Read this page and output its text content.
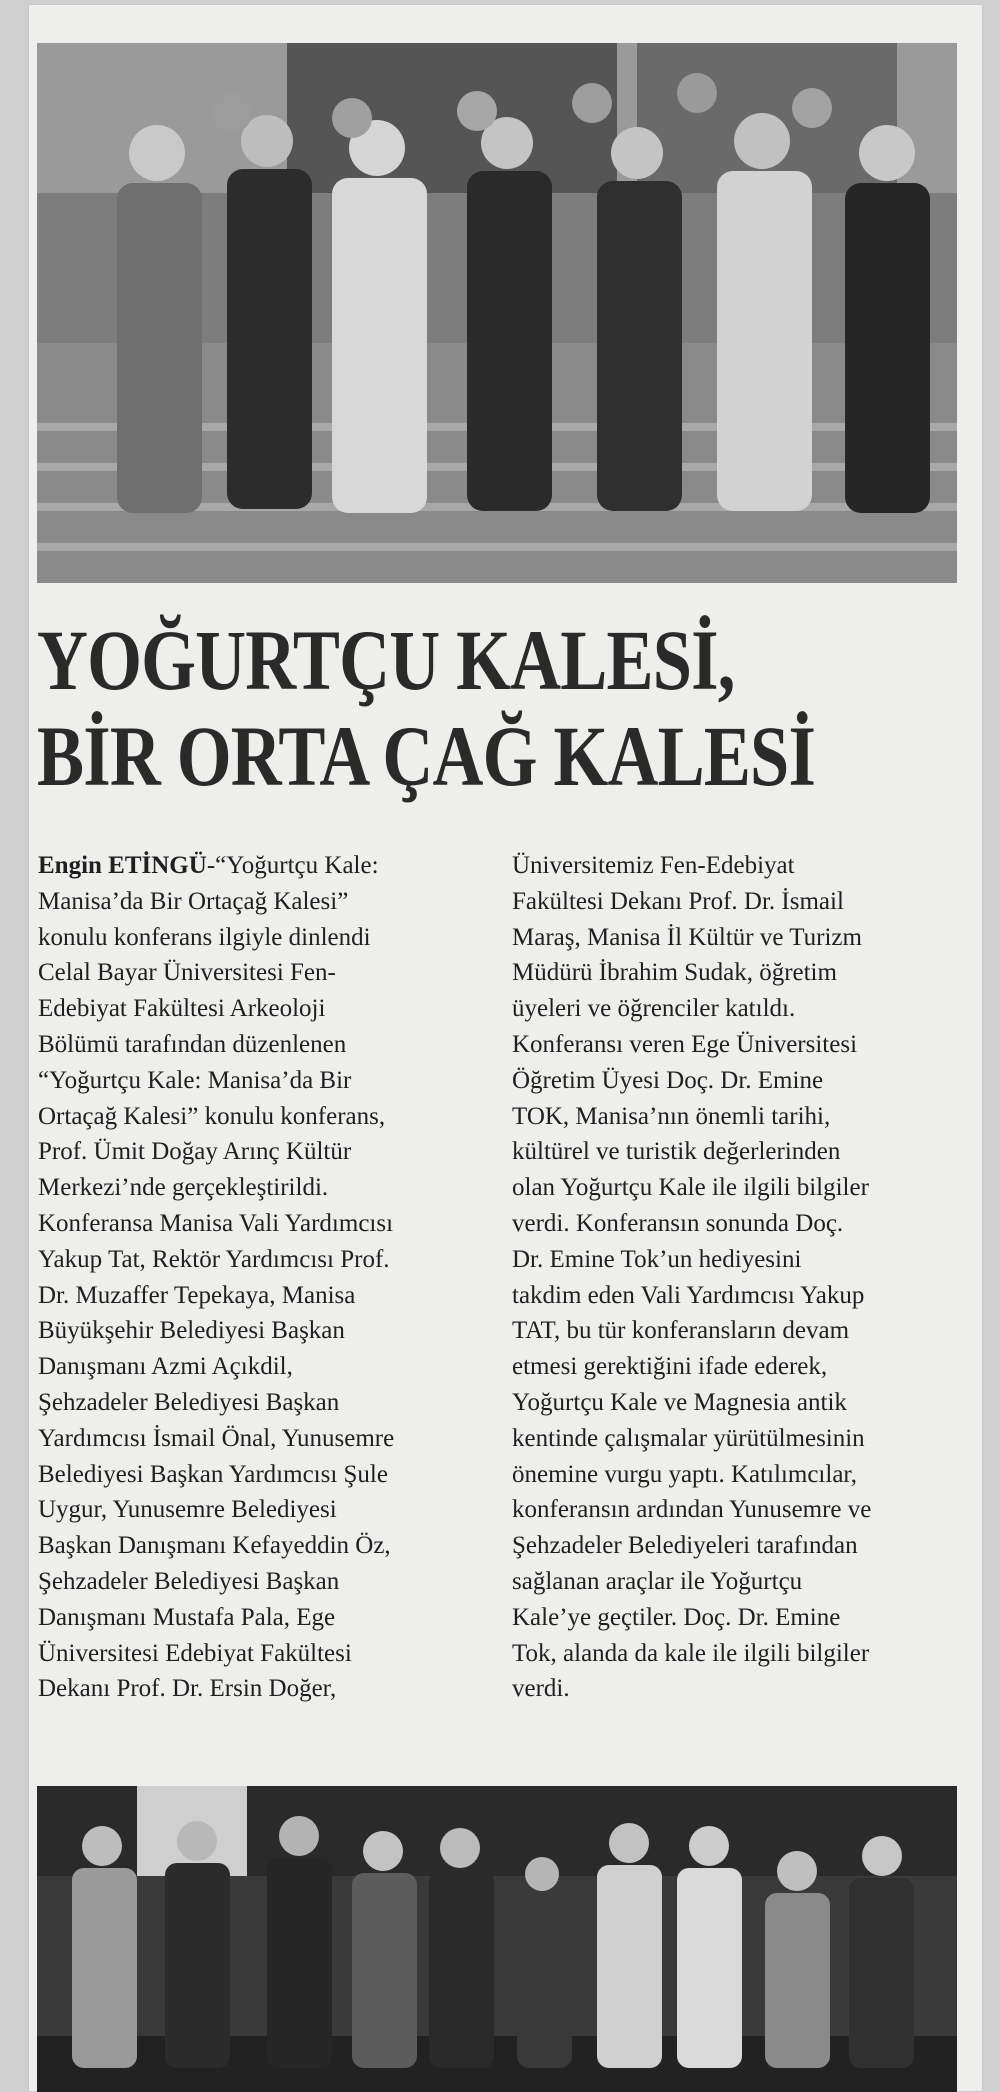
YOĞURTÇU KALESİ,
BİR ORTA ÇAĞ KALESİ
Engin ETİNGÜ-“Yoğurtçu Kale:
Manisa’da Bir Ortaçağ Kalesi”
konulu konferans ilgiyle dinlendi
Celal Bayar Üniversitesi Fen-
Edebiyat Fakültesi Arkeoloji
Bölümü tarafından düzenlenen
“Yoğurtçu Kale: Manisa’da Bir
Ortaçağ Kalesi” konulu konferans,
Prof. Ümit Doğay Arınç Kültür
Merkezi’nde gerçekleştirildi.
Konferansa Manisa Vali Yardımcısı
Yakup Tat, Rektör Yardımcısı Prof.
Dr. Muzaffer Tepekaya, Manisa
Büyükşehir Belediyesi Başkan
Danışmanı Azmi Açıkdil,
Şehzadeler Belediyesi Başkan
Yardımcısı İsmail Önal, Yunusemre
Belediyesi Başkan Yardımcısı Şule
Uygur, Yunusemre Belediyesi
Başkan Danışmanı Kefayeddin Öz,
Şehzadeler Belediyesi Başkan
Danışmanı Mustafa Pala, Ege
Üniversitesi Edebiyat Fakültesi
Dekanı Prof. Dr. Ersin Doğer,
Üniversitemiz Fen-Edebiyat
Fakültesi Dekanı Prof. Dr. İsmail
Maraş, Manisa İl Kültür ve Turizm
Müdürü İbrahim Sudak, öğretim
üyeleri ve öğrenciler katıldı.
Konferansı veren Ege Üniversitesi
Öğretim Üyesi Doç. Dr. Emine
TOK, Manisa’nın önemli tarihi,
kültürel ve turistik değerlerinden
olan Yoğurtçu Kale ile ilgili bilgiler
verdi. Konferansın sonunda Doç.
Dr. Emine Tok’un hediyesini
takdim eden Vali Yardımcısı Yakup
TAT, bu tür konferansların devam
etmesi gerektiğini ifade ederek,
Yoğurtçu Kale ve Magnesia antik
kentinde çalışmalar yürütülmesinin
önemine vurgu yaptı. Katılımcılar,
konferansın ardından Yunusemre ve
Şehzadeler Belediyeleri tarafından
sağlanan araçlar ile Yoğurtçu
Kale’ye geçtiler. Doç. Dr. Emine
Tok, alanda da kale ile ilgili bilgiler
verdi.
